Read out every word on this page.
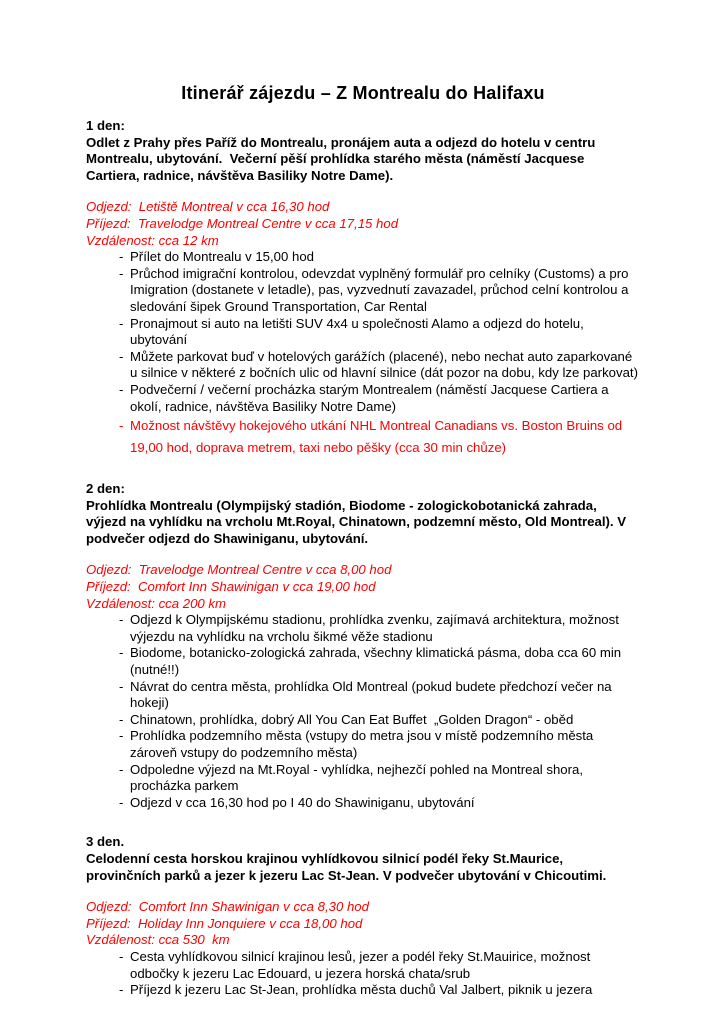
Itinerář zájezdu – Z Montrealu do Halifaxu

1 den:

Odlet z Prahy přes Paříž do Montrealu, pronájem auta a odjezd do hotelu v centru Montrealu, ubytování.  Večerní pěší prohlídka starého města (náměstí Jacquese Cartiera, radnice, návštěva Basiliky Notre Dame).

Odjezd:  Letiště Montreal v cca 16,30 hod

Příjezd:  Travelodge Montreal Centre v cca 17,15 hod

Vzdálenost: cca 12 km

- Přílet do Montrealu v 15,00 hod
- Průchod imigrační kontrolou, odevzdat vyplněný formulář pro celníky (Customs) a pro Imigration (dostanete v letadle), pas, vyzvednutí zavazadel, průchod celní kontrolou a sledování šipek Ground Transportation, Car Rental
- Pronajmout si auto na letišti SUV 4x4 u společnosti Alamo a odjezd do hotelu, ubytování
- Můžete parkovat buď v hotelových garážích (placené), nebo nechat auto zaparkované u silnice v některé z bočních ulic od hlavní silnice (dát pozor na dobu, kdy lze parkovat)
- Podvečerní / večerní procházka starým Montrealem (náměstí Jacquese Cartiera a okolí, radnice, návštěva Basiliky Notre Dame)
- Možnost návštěvy hokejového utkání NHL Montreal Canadians vs. Boston Bruins od 19,00 hod, doprava metrem, taxi nebo pěšky (cca 30 min chůze)

2 den:

Prohlídka Montrealu (Olympijský stadión, Biodome - zologickobotanická zahrada, výjezd na vyhlídku na vrcholu Mt.Royal, Chinatown, podzemní město, Old Montreal). V podvečer odjezd do Shawiniganu, ubytování.

Odjezd:  Travelodge Montreal Centre v cca 8,00 hod

Příjezd:  Comfort Inn Shawinigan v cca 19,00 hod

Vzdálenost: cca 200 km

- Odjezd k Olympijskému stadionu, prohlídka zvenku, zajímavá architektura, možnost výjezdu na vyhlídku na vrcholu šikmé věže stadionu
- Biodome, botanicko-zologická zahrada, všechny klimatická pásma, doba cca 60 min (nutné!!)
- Návrat do centra města, prohlídka Old Montreal (pokud budete předchozí večer na hokeji)
- Chinatown, prohlídka, dobrý All You Can Eat Buffet  „Golden Dragon“ - oběd
- Prohlídka podzemního města (vstupy do metra jsou v místě podzemního města zároveň vstupy do podzemního města)
- Odpoledne výjezd na Mt.Royal - vyhlídka, nejhezčí pohled na Montreal shora, procházka parkem
- Odjezd v cca 16,30 hod po I 40 do Shawiniganu, ubytování

3 den.

Celodenní cesta horskou krajinou vyhlídkovou silnicí podél řeky St.Maurice, provinčních parků a jezer k jezeru Lac St-Jean. V podvečer ubytování v Chicoutimi.

Odjezd:  Comfort Inn Shawinigan v cca 8,30 hod

Příjezd:  Holiday Inn Jonquiere v cca 18,00 hod

Vzdálenost: cca 530  km

- Cesta vyhlídkovou silnicí krajinou lesů, jezer a podél řeky St.Mauirice, možnost odbočky k jezeru Lac Edouard, u jezera horská chata/srub
- Příjezd k jezeru Lac St-Jean, prohlídka města duchů Val Jalbert, piknik u jezera
